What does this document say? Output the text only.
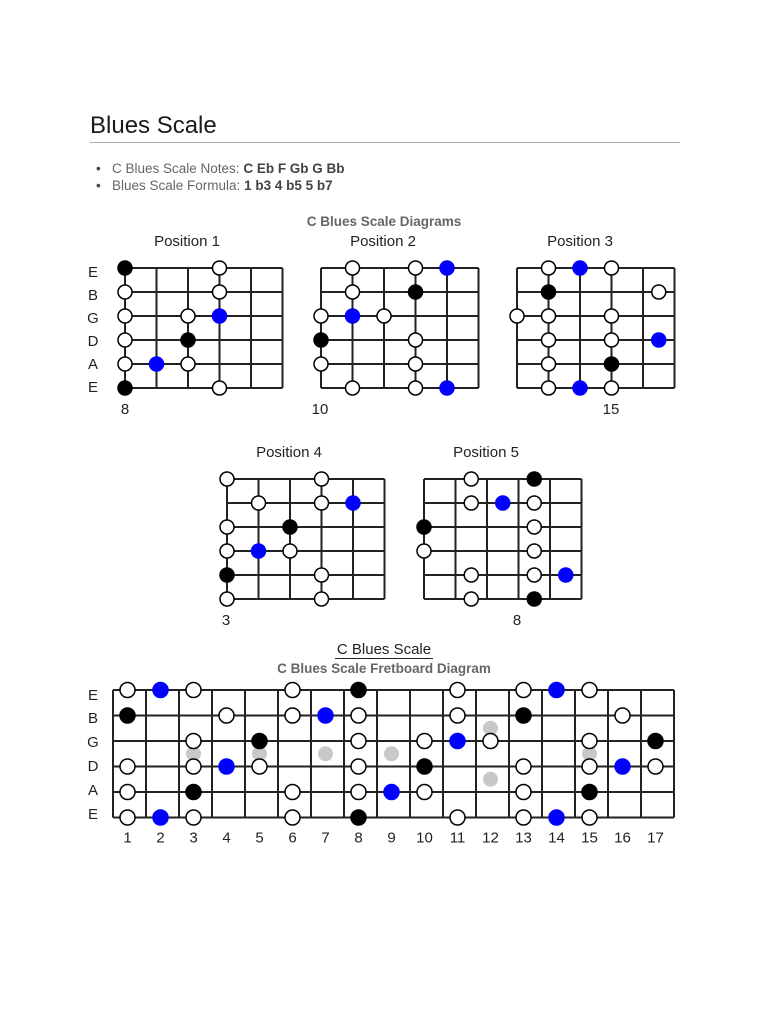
Blues Scale
• C Blues Scale Notes: C Eb F Gb G Bb
• Blues Scale Formula: 1 b3 4 b5 5 b7
C Blues Scale Diagrams
Position 1	Position 2	Position 3
E
B
G
D
A
E
8	10	15
Position 4	Position 5
3	8
C Blues Scale
C Blues Scale Fretboard Diagram
E
B
G
D
A
E
1 2 3 4 5 6 7 8 9 10 11 12 13 14 15 16 17
